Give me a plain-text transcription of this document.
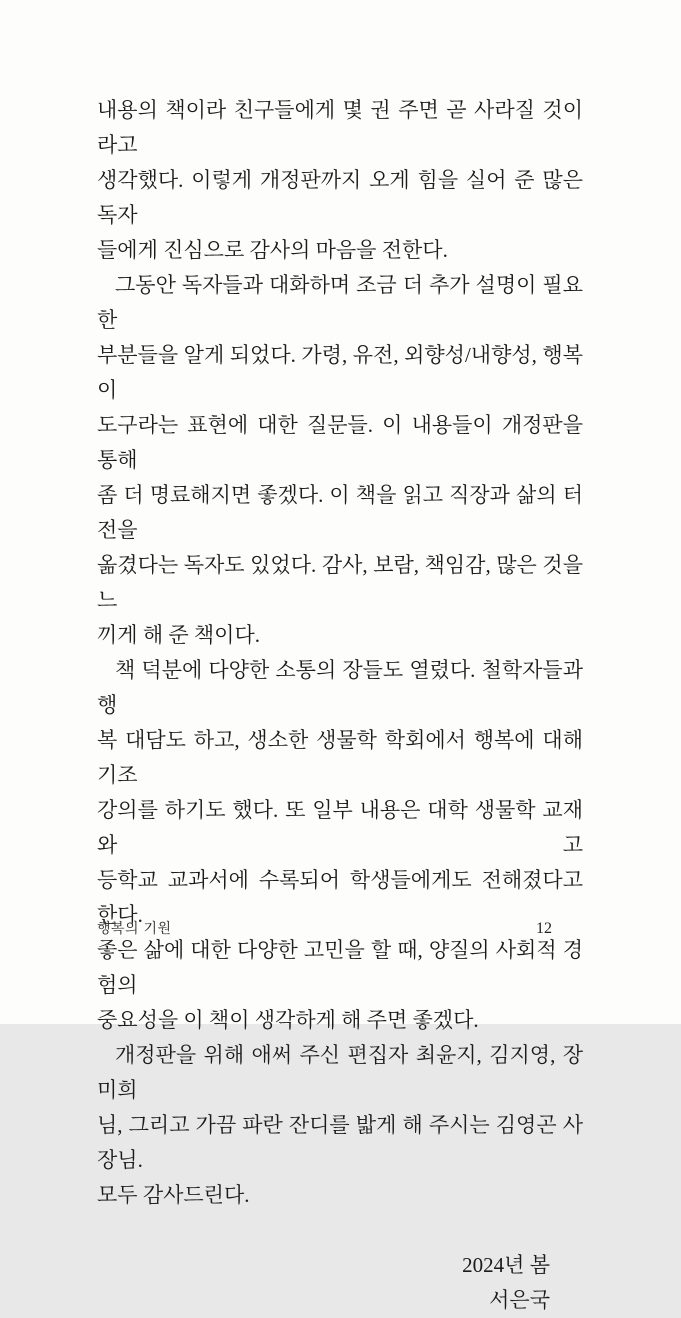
내용의 책이라 친구들에게 몇 권 주면 곧 사라질 것이라고
생각했다. 이렇게 개정판까지 오게 힘을 실어 준 많은 독자
들에게 진심으로 감사의 마음을 전한다.
그동안 독자들과 대화하며 조금 더 추가 설명이 필요한
부분들을 알게 되었다. 가령, 유전, 외향성/내향성, 행복이
도구라는 표현에 대한 질문들. 이 내용들이 개정판을 통해
좀 더 명료해지면 좋겠다. 이 책을 읽고 직장과 삶의 터전을
옮겼다는 독자도 있었다. 감사, 보람, 책임감, 많은 것을 느
끼게 해 준 책이다.
책 덕분에 다양한 소통의 장들도 열렸다. 철학자들과 행
복 대담도 하고, 생소한 생물학 학회에서 행복에 대해 기조
강의를 하기도 했다. 또 일부 내용은 대학 생물학 교재와 고
등학교 교과서에 수록되어 학생들에게도 전해졌다고 한다.
좋은 삶에 대한 다양한 고민을 할 때, 양질의 사회적 경험의
중요성을 이 책이 생각하게 해 주면 좋겠다.
개정판을 위해 애써 주신 편집자 최윤지, 김지영, 장미희
님, 그리고 가끔 파란 잔디를 밟게 해 주시는 김영곤 사장님.
모두 감사드린다.
2024년 봄
서은국
행복의 기원	12
